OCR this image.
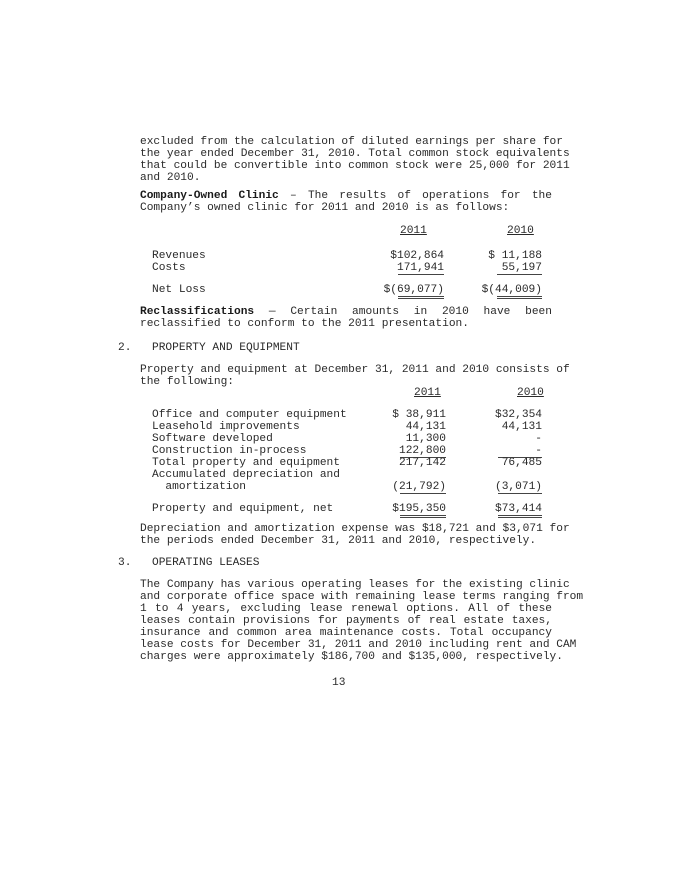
excluded from the calculation of diluted earnings per share for
the year ended December 31, 2010. Total common stock equivalents
that could be convertible into common stock were 25,000 for 2011
and 2010.
Company-Owned Clinic – The results of operations for the
Company’s owned clinic for 2011 and 2010 is as follows:
2011	2010
Revenues	$102,864	$ 11,188
Costs	171,941	55,197
Net Loss	$(69,077)	$(44,009)
Reclassifications — Certain amounts in 2010 have been
reclassified to conform to the 2011 presentation.
2. PROPERTY AND EQUIPMENT
Property and equipment at December 31, 2011 and 2010 consists of
the following:
2011	2010
Office and computer equipment	$ 38,911	$32,354
Leasehold improvements	44,131	44,131
Software developed	11,300	-
Construction in-process	122,800	-
Total property and equipment	217,142	76,485
Accumulated depreciation and
amortization	(21,792)	(3,071)
Property and equipment, net	$195,350	$73,414
Depreciation and amortization expense was $18,721 and $3,071 for
the periods ended December 31, 2011 and 2010, respectively.
3. OPERATING LEASES
The Company has various operating leases for the existing clinic
and corporate office space with remaining lease terms ranging from
1 to 4 years, excluding lease renewal options. All of these
leases contain provisions for payments of real estate taxes,
insurance and common area maintenance costs. Total occupancy
lease costs for December 31, 2011 and 2010 including rent and CAM
charges were approximately $186,700 and $135,000, respectively.
13
